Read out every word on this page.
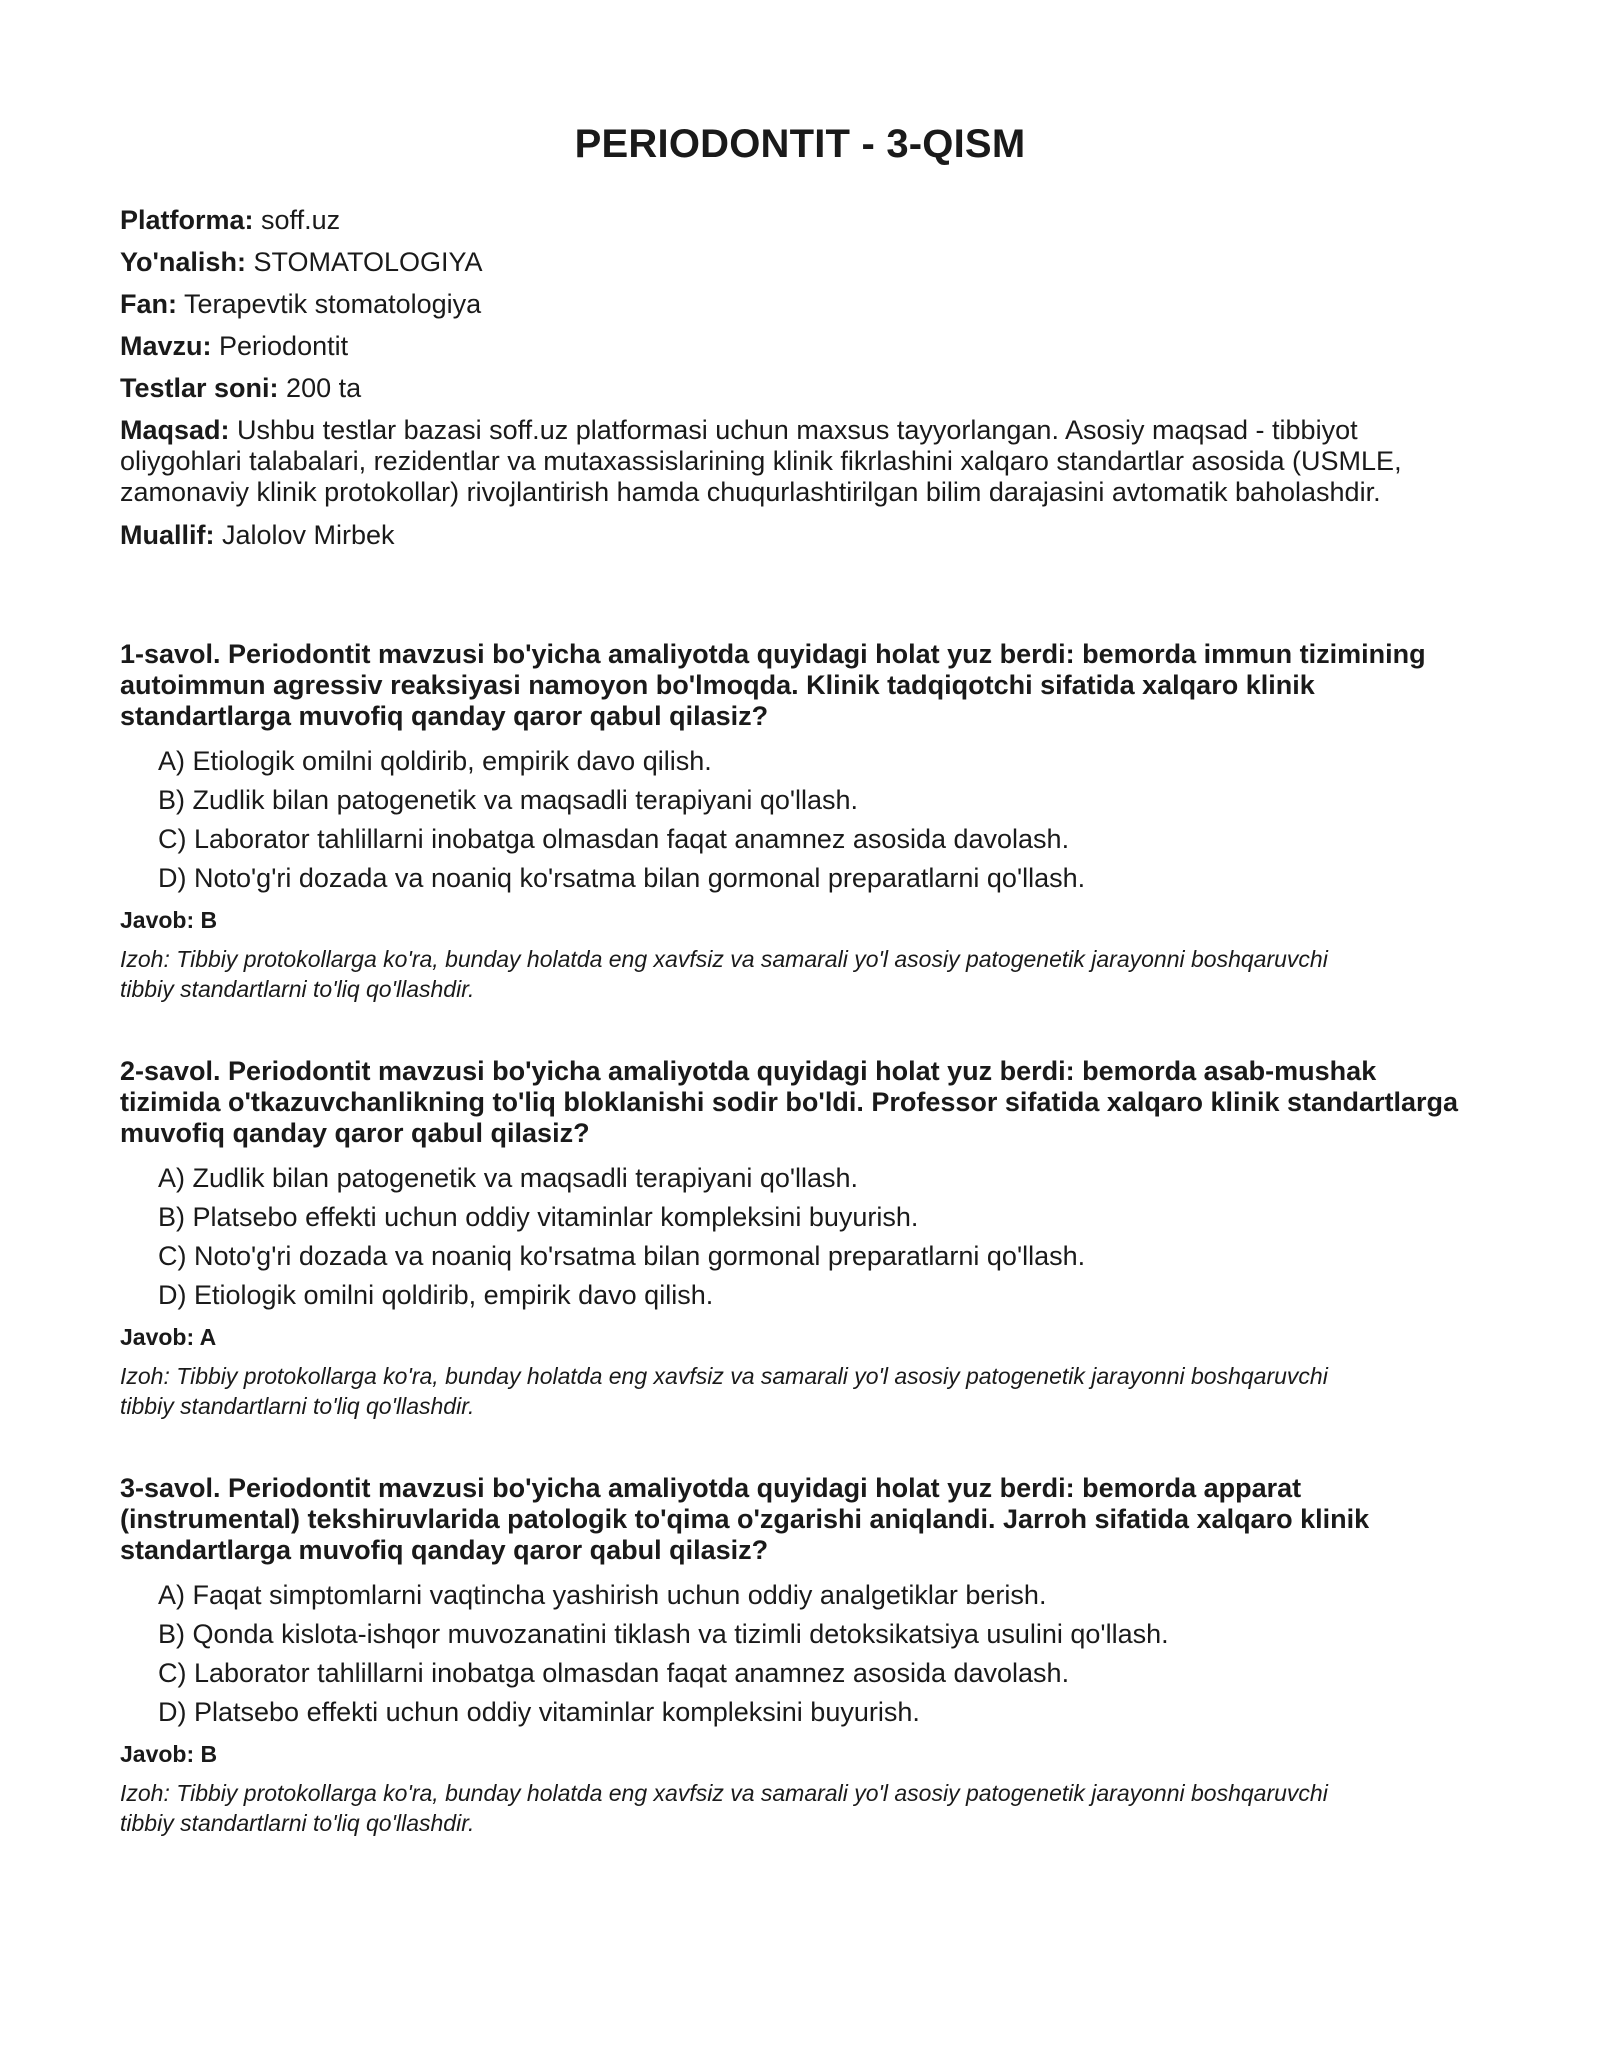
PERIODONTIT - 3-QISM
Platforma: soff.uz
Yo'nalish: STOMATOLOGIYA
Fan: Terapevtik stomatologiya
Mavzu: Periodontit
Testlar soni: 200 ta
Maqsad: Ushbu testlar bazasi soff.uz platformasi uchun maxsus tayyorlangan. Asosiy maqsad - tibbiyot oliygohlari talabalari, rezidentlar va mutaxassislarining klinik fikrlashini xalqaro standartlar asosida (USMLE, zamonaviy klinik protokollar) rivojlantirish hamda chuqurlashtirilgan bilim darajasini avtomatik baholashdir.
Muallif: Jalolov Mirbek

1-savol. Periodontit mavzusi bo'yicha amaliyotda quyidagi holat yuz berdi: bemorda immun tizimining autoimmun agressiv reaksiyasi namoyon bo'lmoqda. Klinik tadqiqotchi sifatida xalqaro klinik standartlarga muvofiq qanday qaror qabul qilasiz?

A) Etiologik omilni qoldirib, empirik davo qilish.
B) Zudlik bilan patogenetik va maqsadli terapiyani qo'llash.
C) Laborator tahlillarni inobatga olmasdan faqat anamnez asosida davolash.
D) Noto'g'ri dozada va noaniq ko'rsatma bilan gormonal preparatlarni qo'llash.

Javob: B

Izoh: Tibbiy protokollarga ko'ra, bunday holatda eng xavfsiz va samarali yo'l asosiy patogenetik jarayonni boshqaruvchi tibbiy standartlarni to'liq qo'llashdir.

2-savol. Periodontit mavzusi bo'yicha amaliyotda quyidagi holat yuz berdi: bemorda asab-mushak tizimida o'tkazuvchanlikning to'liq bloklanishi sodir bo'ldi. Professor sifatida xalqaro klinik standartlarga muvofiq qanday qaror qabul qilasiz?

A) Zudlik bilan patogenetik va maqsadli terapiyani qo'llash.
B) Platsebo effekti uchun oddiy vitaminlar kompleksini buyurish.
C) Noto'g'ri dozada va noaniq ko'rsatma bilan gormonal preparatlarni qo'llash.
D) Etiologik omilni qoldirib, empirik davo qilish.

Javob: A

Izoh: Tibbiy protokollarga ko'ra, bunday holatda eng xavfsiz va samarali yo'l asosiy patogenetik jarayonni boshqaruvchi tibbiy standartlarni to'liq qo'llashdir.

3-savol. Periodontit mavzusi bo'yicha amaliyotda quyidagi holat yuz berdi: bemorda apparat (instrumental) tekshiruvlarida patologik to'qima o'zgarishi aniqlandi. Jarroh sifatida xalqaro klinik standartlarga muvofiq qanday qaror qabul qilasiz?

A) Faqat simptomlarni vaqtincha yashirish uchun oddiy analgetiklar berish.
B) Qonda kislota-ishqor muvozanatini tiklash va tizimli detoksikatsiya usulini qo'llash.
C) Laborator tahlillarni inobatga olmasdan faqat anamnez asosida davolash.
D) Platsebo effekti uchun oddiy vitaminlar kompleksini buyurish.

Javob: B

Izoh: Tibbiy protokollarga ko'ra, bunday holatda eng xavfsiz va samarali yo'l asosiy patogenetik jarayonni boshqaruvchi tibbiy standartlarni to'liq qo'llashdir.
